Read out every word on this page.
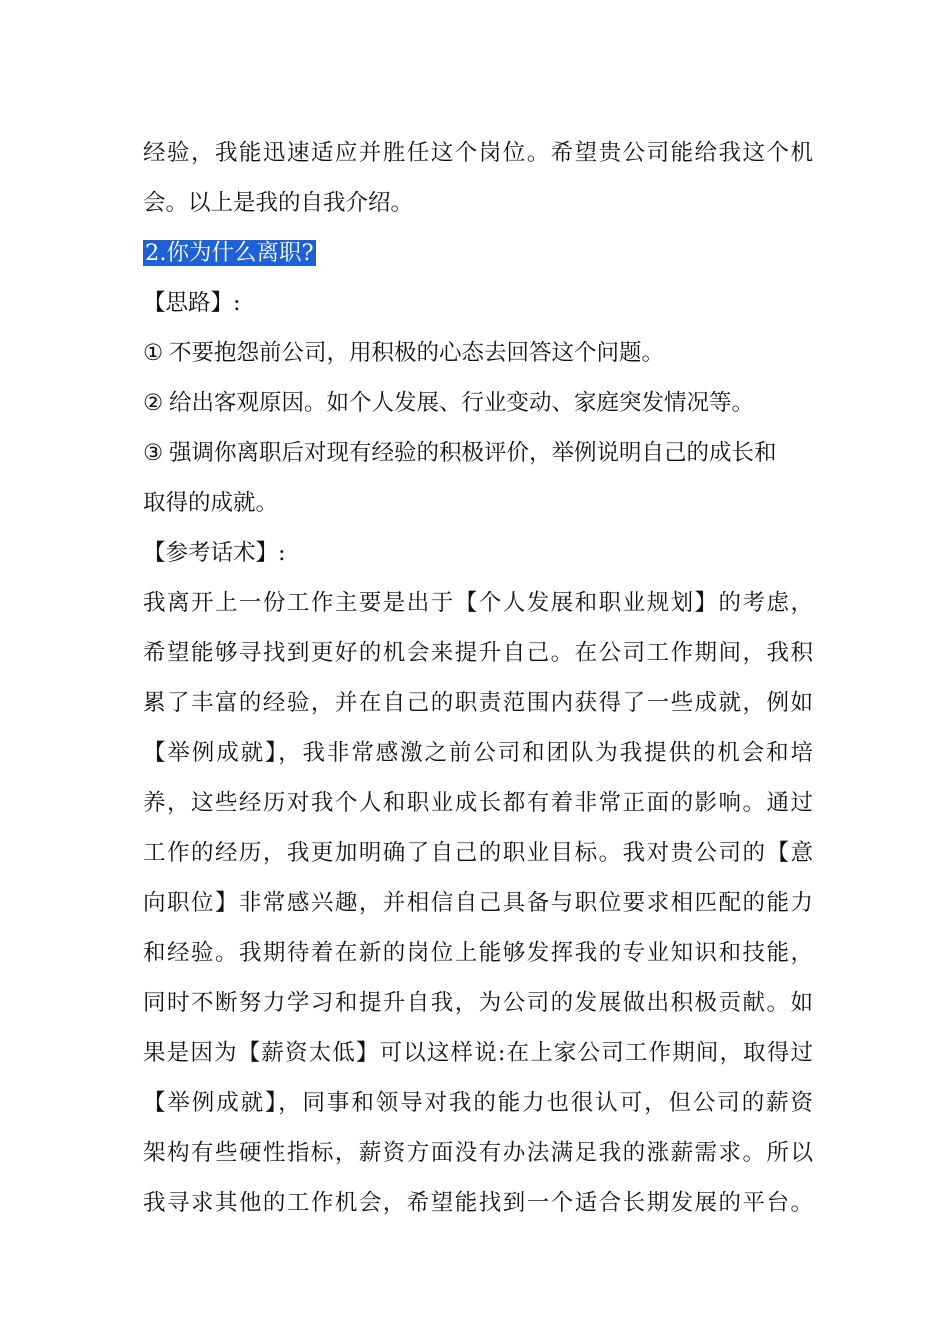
经验，我能迅速适应并胜任这个岗位。希望贵公司能给我这个机
会。以上是我的自我介绍。
2.你为什么离职?
【思路】:
① 不要抱怨前公司，用积极的心态去回答这个问题。
② 给出客观原因。如个人发展、行业变动、家庭突发情况等。
③ 强调你离职后对现有经验的积极评价，举例说明自己的成长和
取得的成就。
【参考话术】:
我离开上一份工作主要是出于【个人发展和职业规划】的考虑，
希望能够寻找到更好的机会来提升自己。在公司工作期间，我积
累了丰富的经验，并在自己的职责范围内获得了一些成就，例如
【举例成就】，我非常感激之前公司和团队为我提供的机会和培
养，这些经历对我个人和职业成长都有着非常正面的影响。通过
工作的经历，我更加明确了自己的职业目标。我对贵公司的【意
向职位】非常感兴趣，并相信自己具备与职位要求相匹配的能力
和经验。我期待着在新的岗位上能够发挥我的专业知识和技能，
同时不断努力学习和提升自我，为公司的发展做出积极贡献。如
果是因为【薪资太低】可以这样说:在上家公司工作期间，取得过
【举例成就】，同事和领导对我的能力也很认可，但公司的薪资
架构有些硬性指标，薪资方面没有办法满足我的涨薪需求。所以
我寻求其他的工作机会，希望能找到一个适合长期发展的平台。
